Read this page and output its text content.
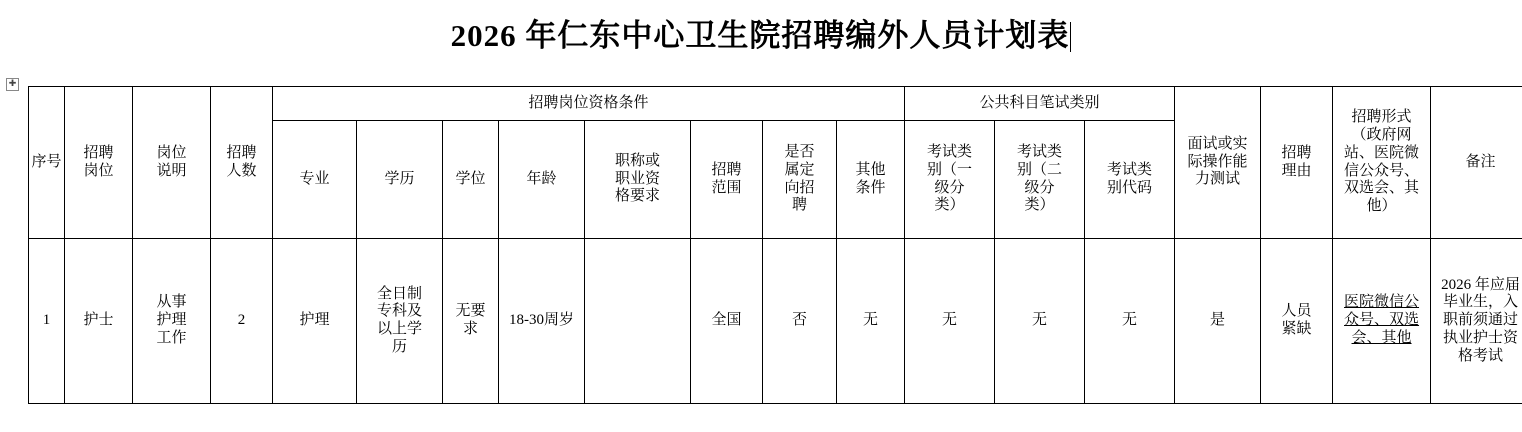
2026 年仁东中心卫生院招聘编外人员计划表
✚
序号	招聘岗位	岗位说明	招聘人数	招聘岗位资格条件								公共科目笔试类别			面试或实际操作能力测试	招聘理由	招聘形式（政府网站、医院微信公众号、双选会、其他）	备注

				专业	学历	学位	年龄	职称或职业资格要求	招聘范围	是否属定向招聘	其他条件	考试类别（一级分类）	考试类别（二级分类）	考试类别代码				

1	护士	从事护理工作	2	护理	全日制专科及以上学历	无要求	18-30周岁		全国	否	无	无	无	无	是	人员紧缺	医院微信公众号、双选会、其他	2026 年应届毕业生，入职前须通过执业护士资格考试
